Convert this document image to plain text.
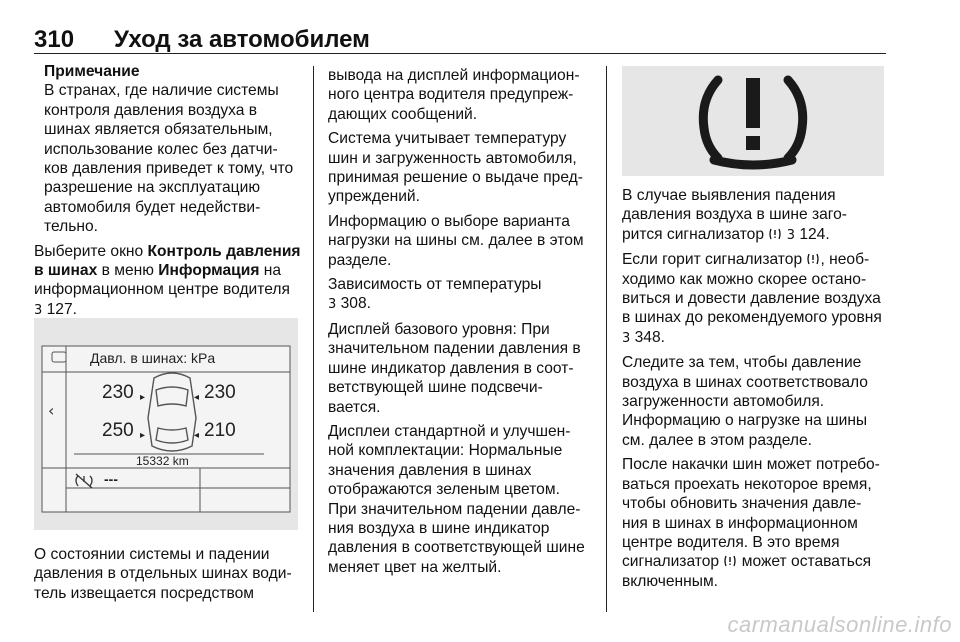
310 Уход за автомобилем
Примечание
В странах, где наличие системы
контроля давления воздуха в
шинах является обязательным,
использование колес без датчи-
ков давления приведет к тому, что
разрешение на эксплуатацию
автомобиля будет недействи-
тельно.
Выберите окно Контроль давления
в шинах в меню Информация на
информационном центре водителя
3 127.
‹
▸	◂
▸	◂
Давл. в шинах: kPa
230	230
250	210
15332 km
---
О состоянии системы и падении
давления в отдельных шинах води-
тель извещается посредством

вывода на дисплей информацион-
ного центра водителя предупреж-
дающих сообщений.

Система учитывает температуру
шин и загруженность автомобиля,
принимая решение о выдаче пред-
упреждений.

Информацию о выборе варианта
нагрузки на шины см. далее в этом
разделе.

Зависимость от температуры
3 308.

Дисплей базового уровня: При
значительном падении давления в
шине индикатор давления в соот-
ветствующей шине подсвечи-
вается.

Дисплеи стандартной и улучшен-
ной комплектации: Нормальные
значения давления в шинах
отображаются зеленым цветом.
При значительном падении давле-
ния воздуха в шине индикатор
давления в соответствующей шине
меняет цвет на желтый.

В случае выявления падения
давления воздуха в шине заго-
рится сигнализатор  3 124.

Если горит сигнализатор , необ-
ходимо как можно скорее остано-
виться и довести давление воздуха
в шинах до рекомендуемого уровня
3 348.

Следите за тем, чтобы давление
воздуха в шинах соответствовало
загруженности автомобиля.
Информацию о нагрузке на шины
см. далее в этом разделе.

После накачки шин может потребо-
ваться проехать некоторое время,
чтобы обновить значения давле-
ния в шинах в информационном
центре водителя. В это время
сигнализатор  может оставаться
включенным.

carmanualsonline.info
